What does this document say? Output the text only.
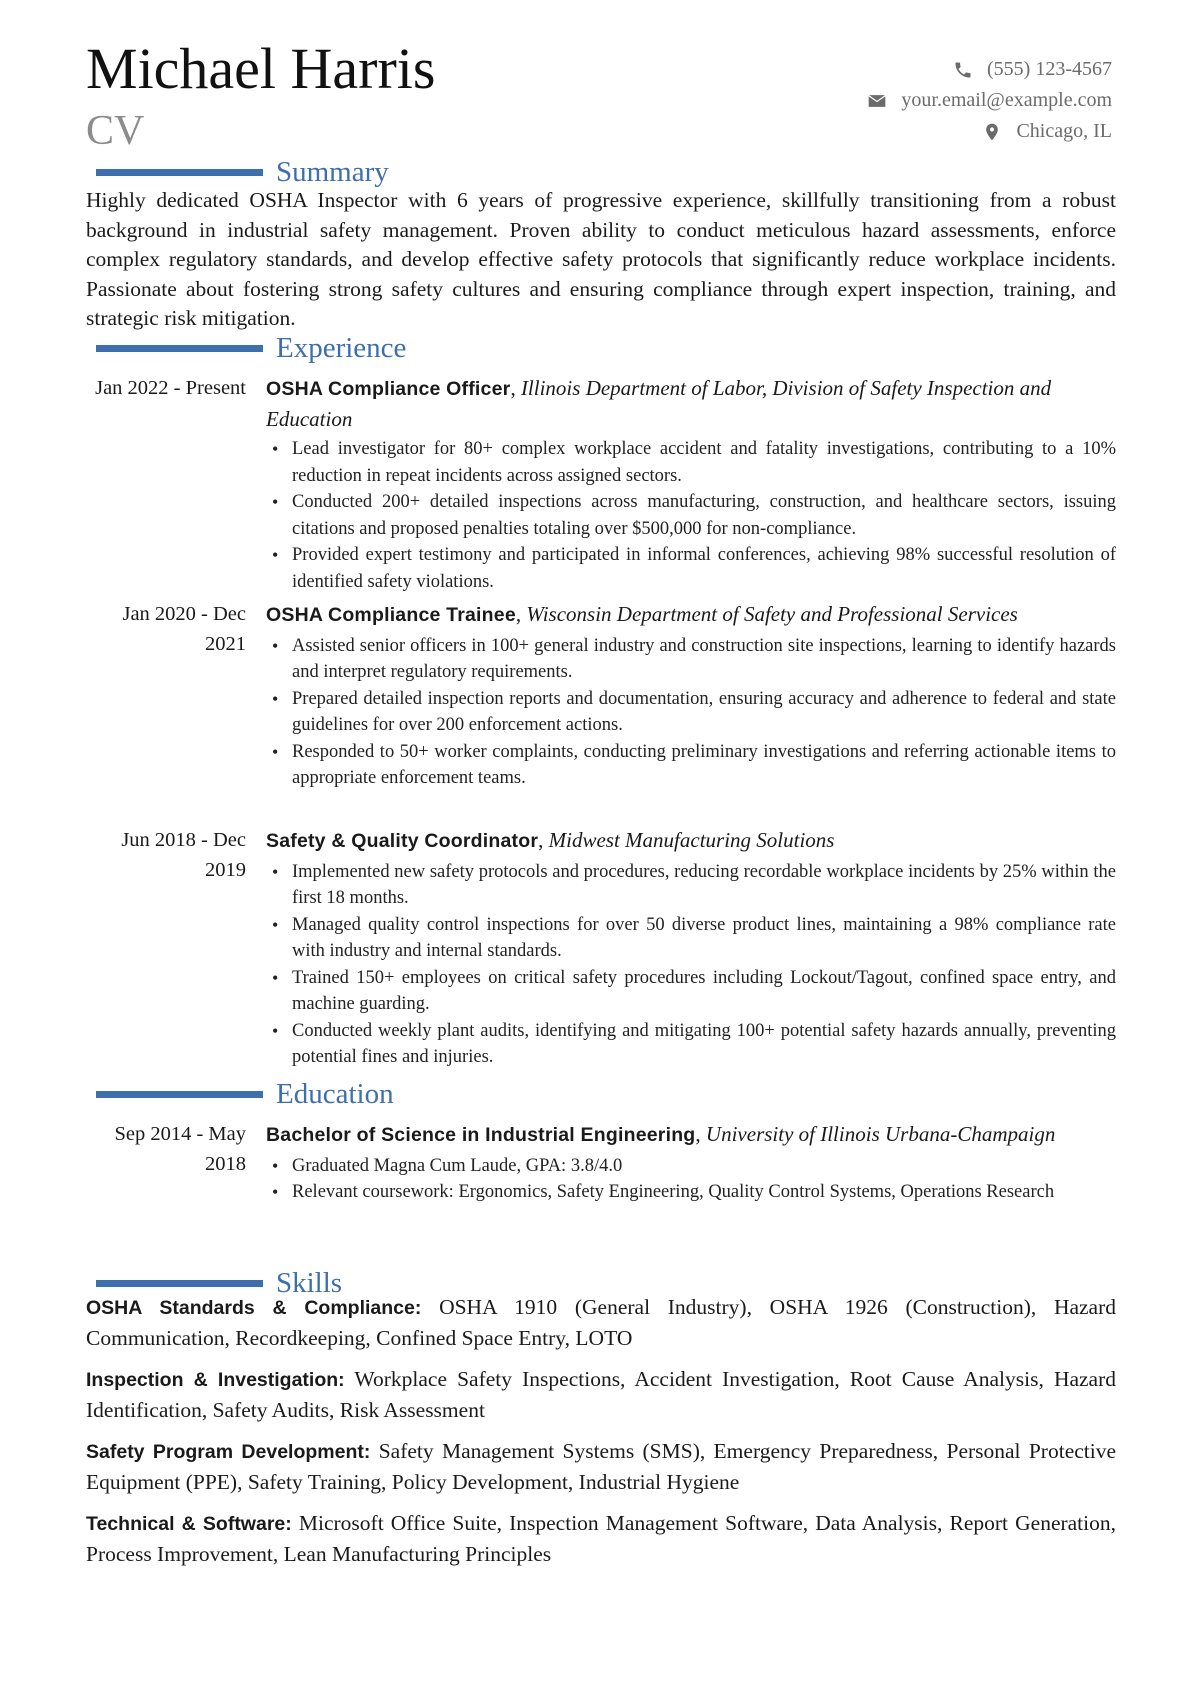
Michael Harris
CV
(555) 123-4567
your.email@example.com
Chicago, IL
Summary
Highly dedicated OSHA Inspector with 6 years of progressive experience, skillfully transitioning from a robust background in industrial safety management. Proven ability to conduct meticulous hazard assessments, enforce complex regulatory standards, and develop effective safety protocols that significantly reduce workplace incidents. Passionate about fostering strong safety cultures and ensuring compliance through expert inspection, training, and strategic risk mitigation.
Experience
Jan 2022 - Present OSHA Compliance Officer, Illinois Department of Labor, Division of Safety Inspection and Education
• Lead investigator for 80+ complex workplace accident and fatality investigations, contributing to a 10% reduction in repeat incidents across assigned sectors.
• Conducted 200+ detailed inspections across manufacturing, construction, and healthcare sectors, issuing citations and proposed penalties totaling over $500,000 for non-compliance.
• Provided expert testimony and participated in informal conferences, achieving 98% successful resolution of identified safety violations.
Jan 2020 - Dec 2021
OSHA Compliance Trainee, Wisconsin Department of Safety and Professional Services
• Assisted senior officers in 100+ general industry and construction site inspections, learning to identify hazards and interpret regulatory requirements.
• Prepared detailed inspection reports and documentation, ensuring accuracy and adherence to federal and state guidelines for over 200 enforcement actions.
• Responded to 50+ worker complaints, conducting preliminary investigations and referring actionable items to appropriate enforcement teams.
Jun 2018 - Dec 2019
Safety & Quality Coordinator, Midwest Manufacturing Solutions
• Implemented new safety protocols and procedures, reducing recordable workplace incidents by 25% within the first 18 months.
• Managed quality control inspections for over 50 diverse product lines, maintaining a 98% compliance rate with industry and internal standards.
• Trained 150+ employees on critical safety procedures including Lockout/Tagout, confined space entry, and machine guarding.
• Conducted weekly plant audits, identifying and mitigating 100+ potential safety hazards annually, preventing potential fines and injuries.
Education
Sep 2014 - May 2018
Bachelor of Science in Industrial Engineering, University of Illinois Urbana-Champaign
• Graduated Magna Cum Laude, GPA: 3.8/4.0
• Relevant coursework: Ergonomics, Safety Engineering, Quality Control Systems, Operations Research
Skills
OSHA Standards & Compliance: OSHA 1910 (General Industry), OSHA 1926 (Construction), Hazard Communication, Recordkeeping, Confined Space Entry, LOTO
Inspection & Investigation: Workplace Safety Inspections, Accident Investigation, Root Cause Analysis, Hazard Identification, Safety Audits, Risk Assessment
Safety Program Development: Safety Management Systems (SMS), Emergency Preparedness, Personal Protective Equipment (PPE), Safety Training, Policy Development, Industrial Hygiene
Technical & Software: Microsoft Office Suite, Inspection Management Software, Data Analysis, Report Generation, Process Improvement, Lean Manufacturing Principles
